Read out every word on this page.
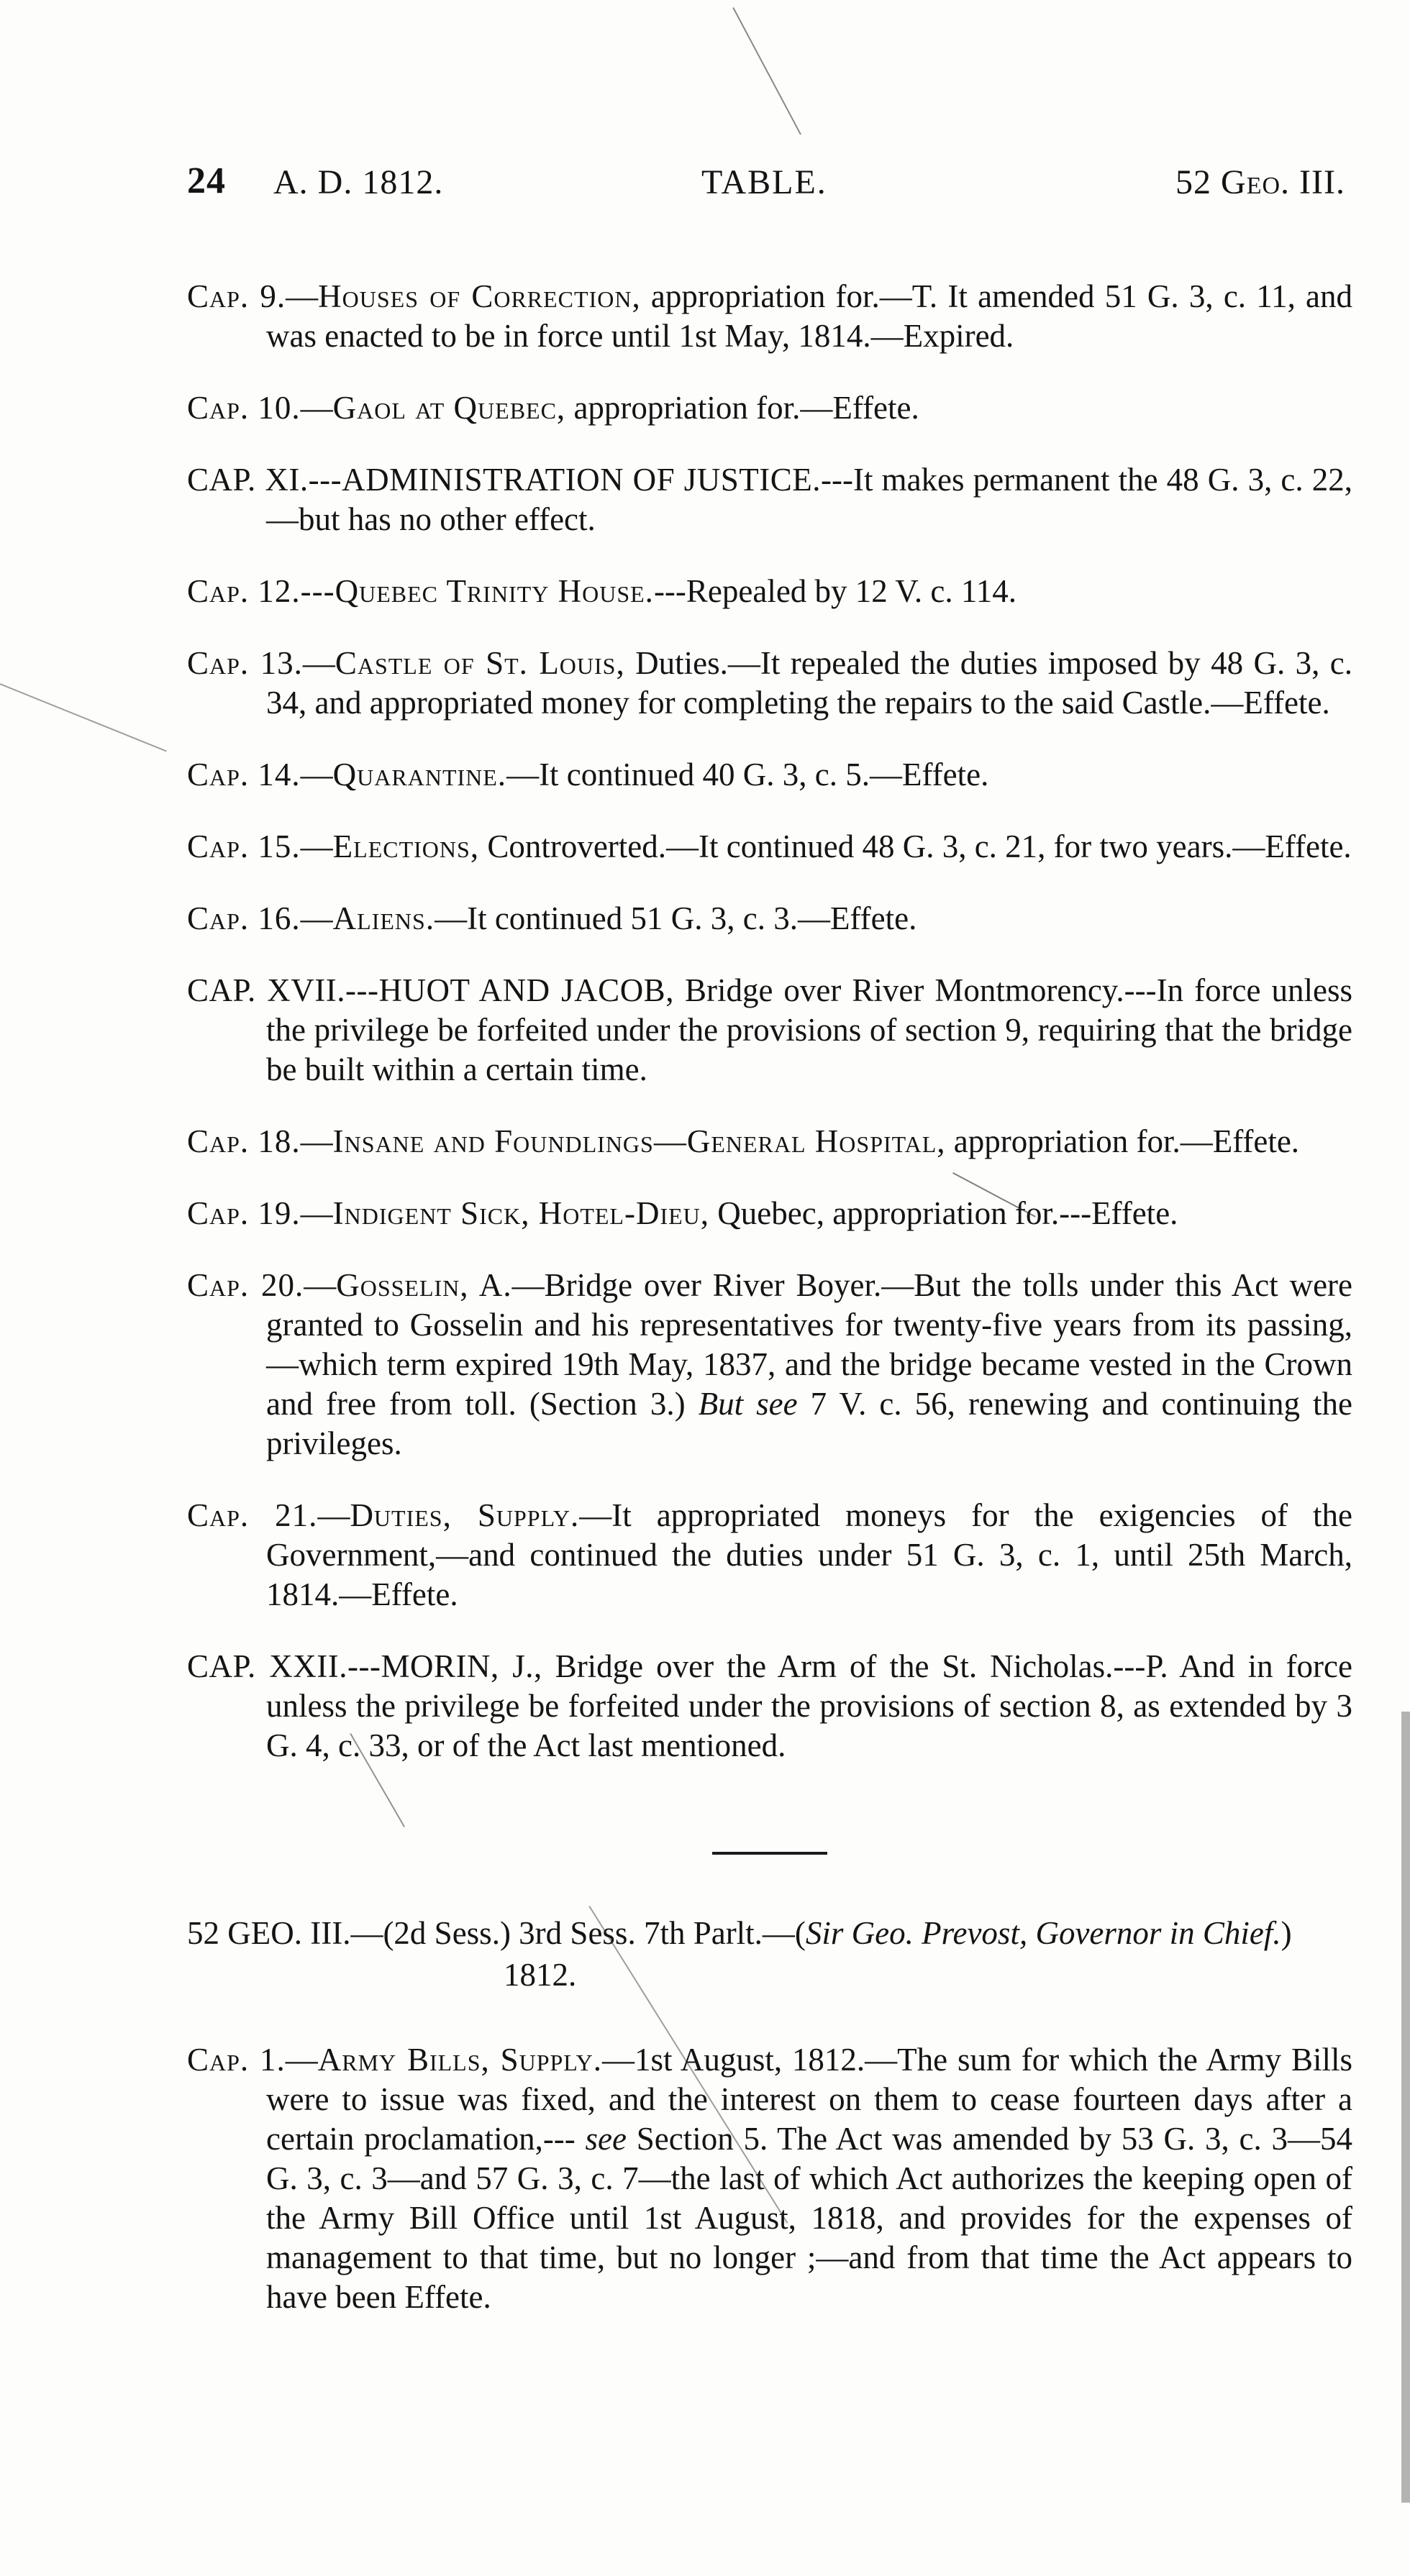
24 A. D. 1812.	TABLE.	52 Geo. III.

Cap. 9.—Houses of Correction, appropriation for.—T. It amended 51 G. 3, c. 11, and was enacted to be in force until 1st May, 1814.—Expired.

Cap. 10.—Gaol at Quebec, appropriation for.—Effete.

CAP. XI.---ADMINISTRATION OF JUSTICE.---It makes permanent the 48 G. 3, c. 22,—but has no other effect.

Cap. 12.---Quebec Trinity House.---Repealed by 12 V. c. 114.

Cap. 13.—Castle of St. Louis, Duties.—It repealed the duties imposed by 48 G. 3, c. 34, and appropriated money for completing the repairs to the said Castle.—Effete.

Cap. 14.—Quarantine.—It continued 40 G. 3, c. 5.—Effete.

Cap. 15.—Elections, Controverted.—It continued 48 G. 3, c. 21, for two years.—Effete.

Cap. 16.—Aliens.—It continued 51 G. 3, c. 3.—Effete.

CAP. XVII.---HUOT AND JACOB, Bridge over River Montmorency.---In force unless the privilege be forfeited under the provisions of section 9, requiring that the bridge be built within a certain time.

Cap. 18.—Insane and Foundlings—General Hospital, appropriation for.—Effete.

Cap. 19.—Indigent Sick, Hotel-Dieu, Quebec, appropriation for.---Effete.

Cap. 20.—Gosselin, A.—Bridge over River Boyer.—But the tolls under this Act were granted to Gosselin and his representatives for twenty-five years from its passing,—which term expired 19th May, 1837, and the bridge became vested in the Crown and free from toll. (Section 3.) But see 7 V. c. 56, renewing and continuing the privileges.

Cap. 21.—Duties, Supply.—It appropriated moneys for the exigencies of the Government,—and continued the duties under 51 G. 3, c. 1, until 25th March, 1814.—Effete.

CAP. XXII.---MORIN, J., Bridge over the Arm of the St. Nicholas.---P. And in force unless the privilege be forfeited under the provisions of section 8, as extended by 3 G. 4, c. 33, or of the Act last mentioned.

52 GEO. III.—(2d Sess.) 3rd Sess. 7th Parlt.—(Sir Geo. Prevost, Governor in Chief.) 1812.

Cap. 1.—Army Bills, Supply.—1st August, 1812.—The sum for which the Army Bills were to issue was fixed, and the interest on them to cease fourteen days after a certain proclamation,--- see Section 5. The Act was amended by 53 G. 3, c. 3—54 G. 3, c. 3—and 57 G. 3, c. 7—the last of which Act authorizes the keeping open of the Army Bill Office until 1st August, 1818, and provides for the expenses of management to that time, but no longer ;—and from that time the Act appears to have been Effete.
